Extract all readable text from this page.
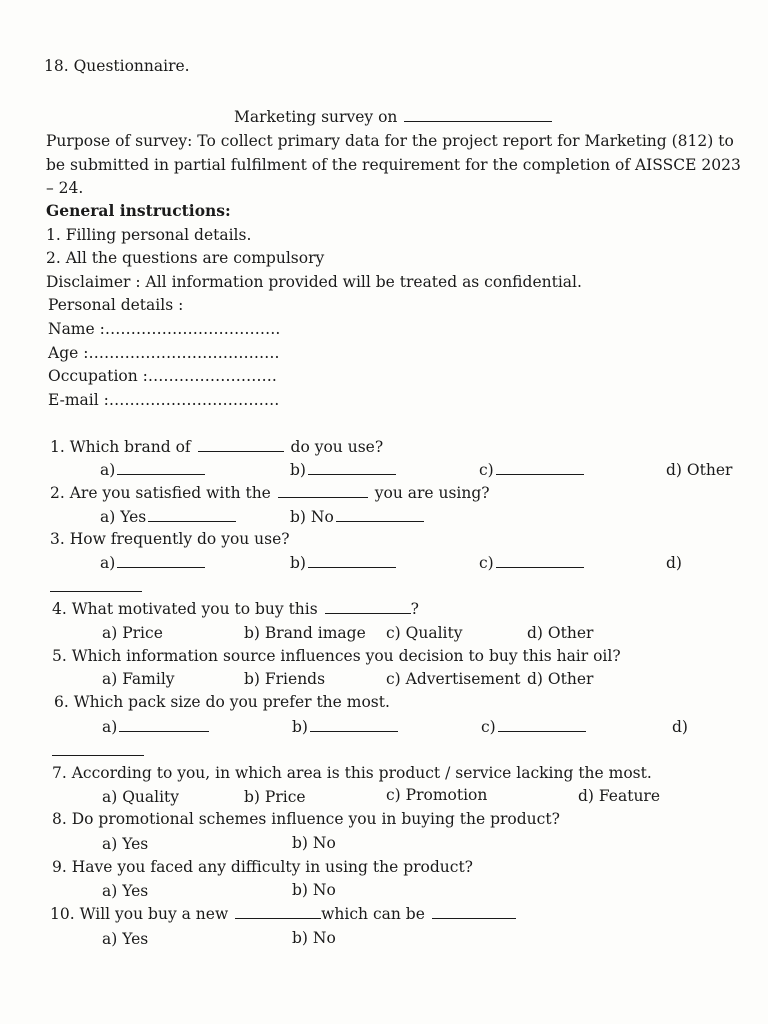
18. Questionnaire.
Marketing survey on
Purpose of survey: To collect primary data for the project report for Marketing (812) to
be submitted in partial fulfilment of the requirement for the completion of AISSCE 2023
– 24.
General instructions:
1. Filling personal details.
2. All the questions are compulsory
Disclaimer : All information provided will be treated as confidential.
Personal details :
Name :…………………………….
Age :……………………………….
Occupation :…………………….
E-mail :……………………………
1. Which brand of	do you use?
a)	b)	c)	d) Other
2. Are you satisfied with the	you are using?
a) Yes	b) No
3. How frequently do you use?
a)	b)	c)	d)
4. What motivated you to buy this	?
a) Price	b) Brand image c) Quality	d) Other
5. Which information source influences you decision to buy this hair oil?
a) Family	b) Friends	c) Advertisement d) Other
6. Which pack size do you prefer the most.
a)	b)	c)	d)
7. According to you, in which area is this product / service lacking the most.
a) Quality	b) Price	c) Promotion	d) Feature
8. Do promotional schemes influence you in buying the product?
a) Yes	b) No
9. Have you faced any difficulty in using the product?
a) Yes	b) No
10. Will you buy a new	which can be
a) Yes	b) No
